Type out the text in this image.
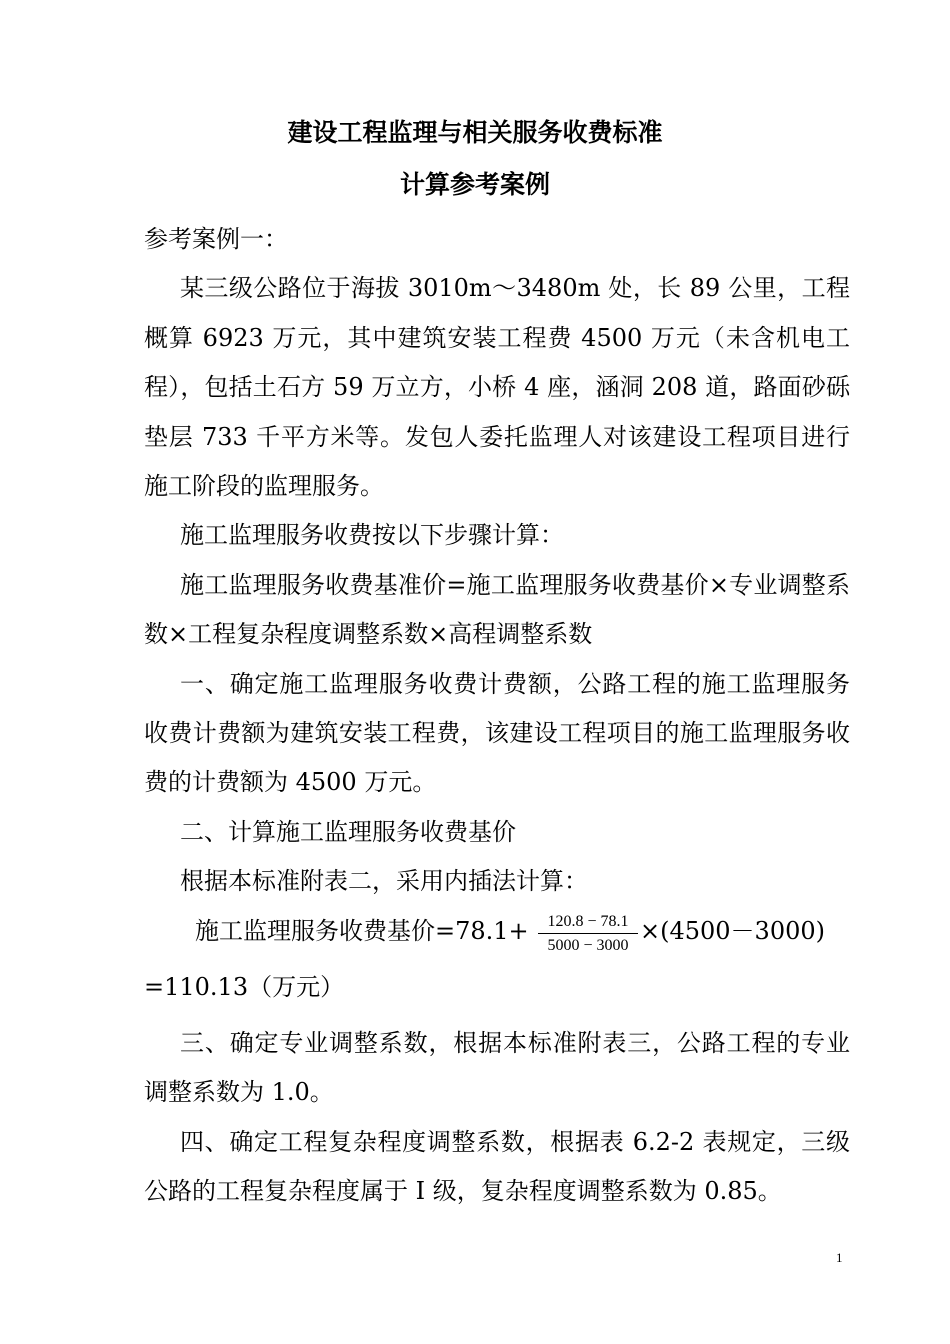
建设工程监理与相关服务收费标准
计算参考案例

参考案例一：

某三级公路位于海拔 3010m～3480m 处，长 89 公里，工程概算 6923 万元，其中建筑安装工程费 4500 万元（未含机电工程），包括土石方 59 万立方，小桥 4 座，涵洞 208 道，路面砂砾垫层 733 千平方米等。发包人委托监理人对该建设工程项目进行施工阶段的监理服务。

施工监理服务收费按以下步骤计算：

施工监理服务收费基准价=施工监理服务收费基价×专业调整系数×工程复杂程度调整系数×高程调整系数

一、确定施工监理服务收费计费额，公路工程的施工监理服务收费计费额为建筑安装工程费，该建设工程项目的施工监理服务收费的计费额为 4500 万元。

二、计算施工监理服务收费基价

根据本标准附表二，采用内插法计算：

施工监理服务收费基价$=78.1+ \frac{120.8 - 78.1}{5000 - 3000} \times(4500-3000)$

=110.13（万元）

三、确定专业调整系数，根据本标准附表三，公路工程的专业调整系数为 1.0。

四、确定工程复杂程度调整系数，根据表 6.2-2 表规定，三级公路的工程复杂程度属于 I 级，复杂程度调整系数为 0.85。

1
